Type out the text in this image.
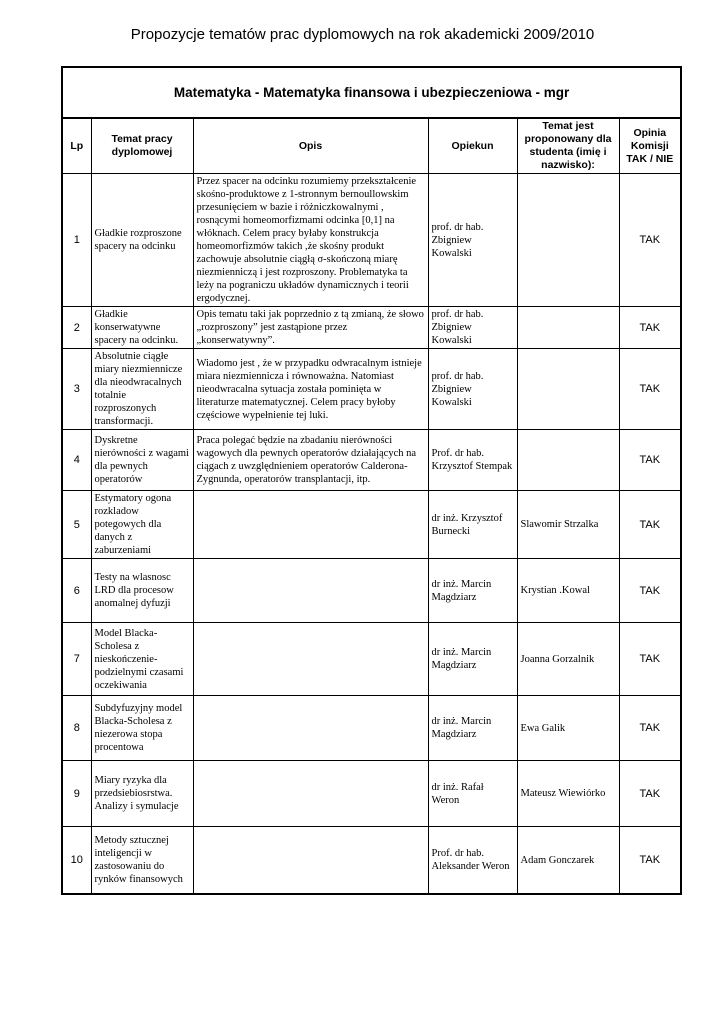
Propozycje tematów prac dyplomowych na rok akademicki 2009/2010
Matematyka - Matematyka finansowa i ubezpieczeniowa - mgr					
Lp	Temat pracy dyplomowej	Opis	Opiekun	Temat jest proponowany dla studenta (imię i nazwisko):	Opinia Komisji TAK / NIE
1	Gładkie rozproszone spacery na odcinku	Przez spacer na odcinku rozumiemy przekształcenie skośno-produktowe z 1-stronnym bernoullowskim przesunięciem w bazie i różniczkowalnymi , rosnącymi homeomorfizmami odcinka [0,1] na włóknach. Celem pracy byłaby konstrukcja homeomorfizmów takich ,że skośny produkt zachowuje absolutnie ciągłą σ-skończoną miarę niezmienniczą i jest rozproszony. Problematyka ta leży na pograniczu układów dynamicznych i teorii ergodycznej.	prof. dr hab. Zbigniew Kowalski		TAK
2	Gładkie konserwatywne spacery na odcinku.	Opis tematu taki jak poprzednio z tą zmianą, że słowo „rozproszony” jest zastąpione przez „konserwatywny”.	prof. dr hab. Zbigniew Kowalski		TAK
3	Absolutnie ciągłe miary niezmiennicze dla nieodwracalnych totalnie rozproszonych transformacji.	Wiadomo jest , że w przypadku odwracalnym istnieje miara niezmiennicza i równoważna. Natomiast nieodwracalna sytuacja została pominięta w literaturze matematycznej. Celem pracy byłoby częściowe wypełnienie tej luki.	prof. dr hab. Zbigniew Kowalski		TAK
4	Dyskretne nierówności z wagami dla pewnych operatorów	Praca polegać będzie na zbadaniu nierówności wagowych dla pewnych operatorów działających na ciągach z uwzględnieniem operatorów Calderona-Zygnunda, operatorów transplantacji, itp.	Prof. dr hab. Krzysztof Stempak		TAK
5	Estymatory ogona rozkladow potegowych dla danych z zaburzeniami		dr inż. Krzysztof Burnecki	Slawomir Strzalka	TAK
6	Testy na wlasnosc LRD dla procesow anomalnej dyfuzji		dr inż. Marcin Magdziarz	Krystian .Kowal	TAK
7	Model Blacka-Scholesa z nieskończenie-podzielnymi czasami oczekiwania		dr inż. Marcin Magdziarz	Joanna Gorzalnik	TAK
8	Subdyfuzyjny model Blacka-Scholesa z niezerowa stopa procentowa		dr inż. Marcin Magdziarz	Ewa Galik	TAK
9	Miary ryzyka dla przedsiebiosrstwa. Analizy i symulacje		dr inż. Rafał Weron	Mateusz Wiewiórko	TAK
10	Metody sztucznej inteligencji w zastosowaniu do rynków finansowych		Prof. dr hab. Aleksander Weron	Adam Gonczarek	TAK
